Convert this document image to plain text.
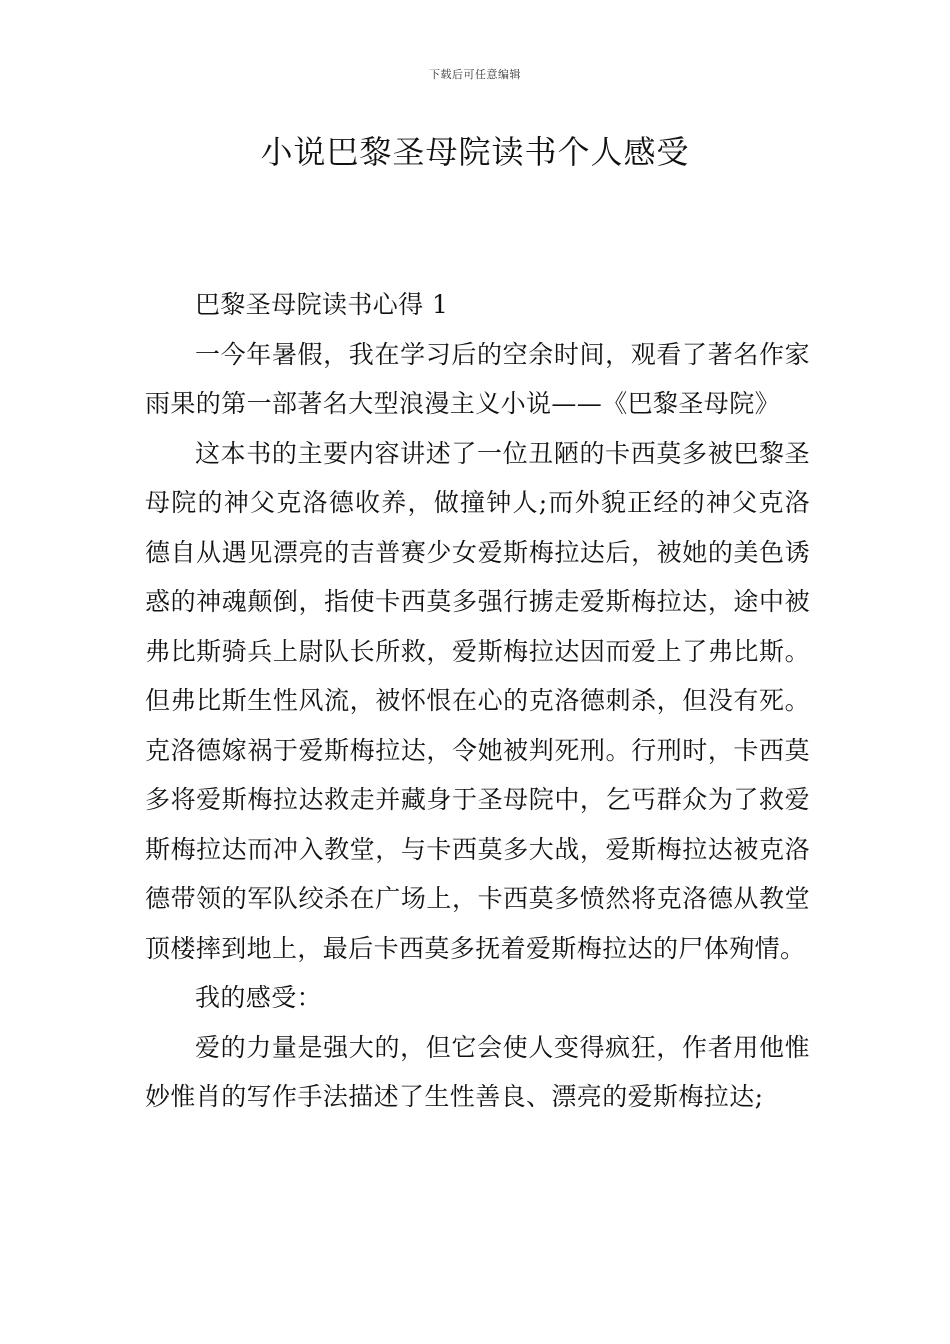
下载后可任意编辑
小说巴黎圣母院读书个人感受

巴黎圣母院读书心得 1

一今年暑假，我在学习后的空余时间，观看了著名作家雨果的第一部著名大型浪漫主义小说——《巴黎圣母院》

这本书的主要内容讲述了一位丑陋的卡西莫多被巴黎圣母院的神父克洛德收养，做撞钟人;而外貌正经的神父克洛德自从遇见漂亮的吉普赛少女爱斯梅拉达后，被她的美色诱惑的神魂颠倒，指使卡西莫多强行掳走爱斯梅拉达，途中被弗比斯骑兵上尉队长所救，爱斯梅拉达因而爱上了弗比斯。但弗比斯生性风流，被怀恨在心的克洛德刺杀，但没有死。克洛德嫁祸于爱斯梅拉达，令她被判死刑。行刑时，卡西莫多将爱斯梅拉达救走并藏身于圣母院中，乞丐群众为了救爱斯梅拉达而冲入教堂，与卡西莫多大战，爱斯梅拉达被克洛德带领的军队绞杀在广场上，卡西莫多愤然将克洛德从教堂顶楼摔到地上，最后卡西莫多抚着爱斯梅拉达的尸体殉情。

我的感受：

爱的力量是强大的，但它会使人变得疯狂，作者用他惟妙惟肖的写作手法描述了生性善良、漂亮的爱斯梅拉达;
